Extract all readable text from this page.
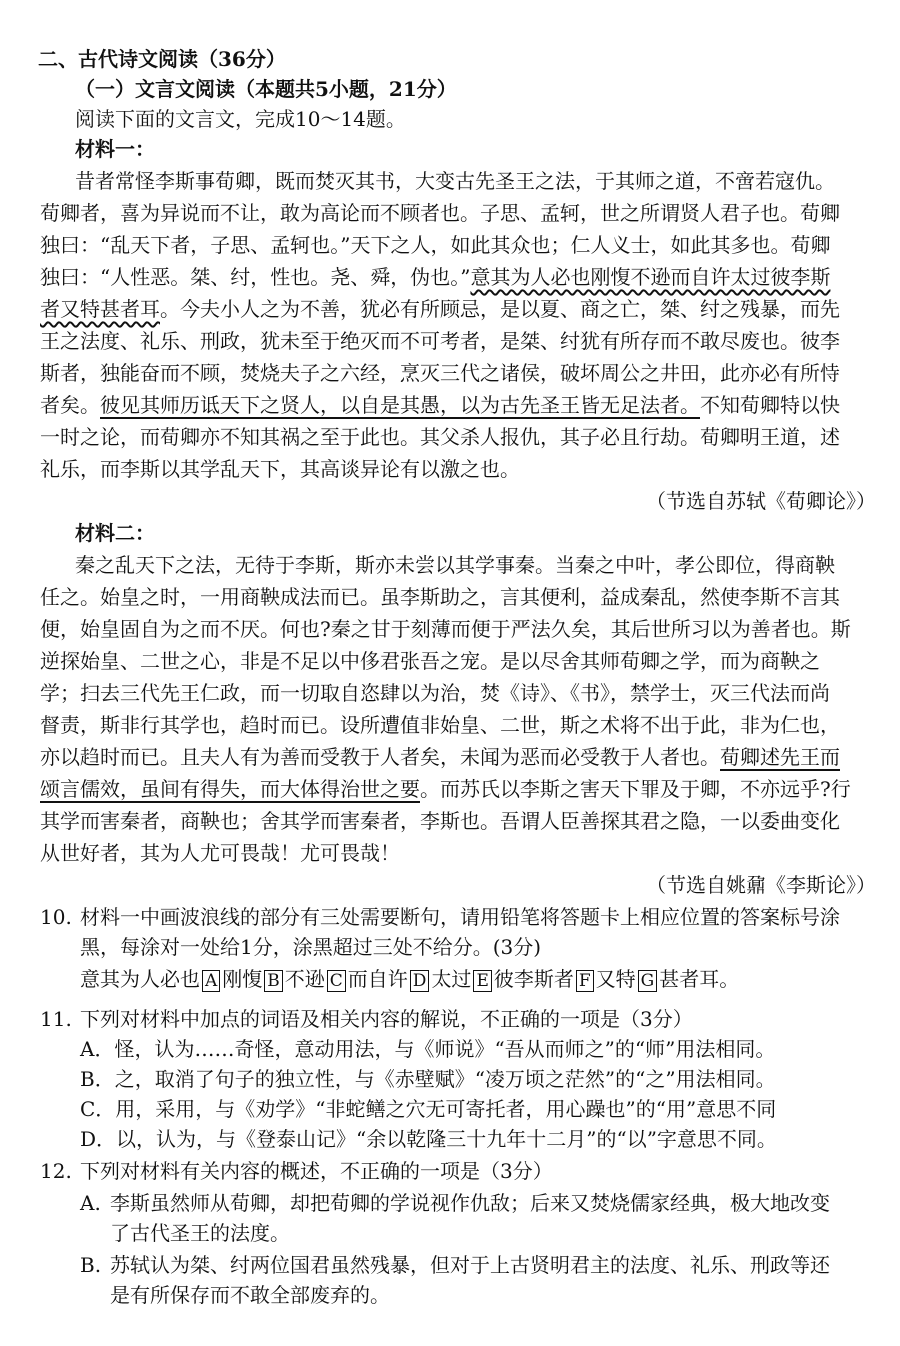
二、古代诗文阅读（36分）
（一）文言文阅读（本题共5小题，21分）
阅读下面的文言文，完成10～14题。
材料一：
昔者常怪李斯事荀卿，既而焚灭其书，大变古先圣王之法，于其师之道，不啻若寇仇。
荀卿者，喜为异说而不让，敢为高论而不顾者也。子思、孟轲，世之所谓贤人君子也。荀卿
独曰：“乱天下者，子思、孟轲也。”天下之人，如此其众也；仁人义士，如此其多也。荀卿
独曰：“人性恶。桀、纣，性也。尧、舜，伪也。”意其为人必也刚愎不逊而自许太过彼李斯
者又特甚者耳。今夫小人之为不善，犹必有所顾忌，是以夏、商之亡，桀、纣之残暴，而先
王之法度、礼乐、刑政，犹未至于绝灭而不可考者，是桀、纣犹有所存而不敢尽废也。彼李
斯者，独能奋而不顾，焚烧夫子之六经，烹灭三代之诸侯，破坏周公之井田，此亦必有所恃
者矣。彼见其师历诋天下之贤人，以自是其愚，以为古先圣王皆无足法者。不知荀卿特以快
一时之论，而荀卿亦不知其祸之至于此也。其父杀人报仇，其子必且行劫。荀卿明王道，述
礼乐，而李斯以其学乱天下，其高谈异论有以激之也。
（节选自苏轼《荀卿论》）
材料二：
秦之乱天下之法，无待于李斯，斯亦未尝以其学事秦。当秦之中叶，孝公即位，得商鞅
任之。始皇之时，一用商鞅成法而已。虽李斯助之，言其便利，益成秦乱，然使李斯不言其
便，始皇固自为之而不厌。何也?秦之甘于刻薄而便于严法久矣，其后世所习以为善者也。斯
逆探始皇、二世之心，非是不足以中侈君张吾之宠。是以尽舍其师荀卿之学，而为商鞅之
学；扫去三代先王仁政，而一切取自恣肆以为治，焚《诗》、《书》，禁学士，灭三代法而尚
督责，斯非行其学也，趋时而已。设所遭值非始皇、二世，斯之术将不出于此，非为仁也，
亦以趋时而已。且夫人有为善而受教于人者矣，未闻为恶而必受教于人者也。荀卿述先王而
颂言儒效，虽间有得失，而大体得治世之要。而苏氏以李斯之害天下罪及于卿，不亦远乎?行
其学而害秦者，商鞅也；舍其学而害秦者，李斯也。吾谓人臣善探其君之隐，一以委曲变化
从世好者，其为人尤可畏哉！尤可畏哉！
（节选自姚鼐《李斯论》）
10. 材料一中画波浪线的部分有三处需要断句，请用铅笔将答题卡上相应位置的答案标号涂
黑，每涂对一处给1分，涂黑超过三处不给分。(3分)
意其为人必也 A 刚愎 B 不逊 C 而自许 D 太过 E 彼李斯者 F 又特 G 甚者耳。
11. 下列对材料中加点的词语及相关内容的解说，不正确的一项是（3分）
A．怪，认为……奇怪，意动用法，与《师说》“吾从而师之”的“师”用法相同。
B．之，取消了句子的独立性，与《赤壁赋》“凌万顷之茫然”的“之”用法相同。
C．用，采用，与《劝学》“非蛇鳝之穴无可寄托者，用心躁也”的“用”意思不同
D．以，认为，与《登泰山记》“余以乾隆三十九年十二月”的“以”字意思不同。
12. 下列对材料有关内容的概述，不正确的一项是（3分）
A. 李斯虽然师从荀卿，却把荀卿的学说视作仇敌；后来又焚烧儒家经典，极大地改变
了古代圣王的法度。
B. 苏轼认为桀、纣两位国君虽然残暴，但对于上古贤明君主的法度、礼乐、刑政等还
是有所保存而不敢全部废弃的。
